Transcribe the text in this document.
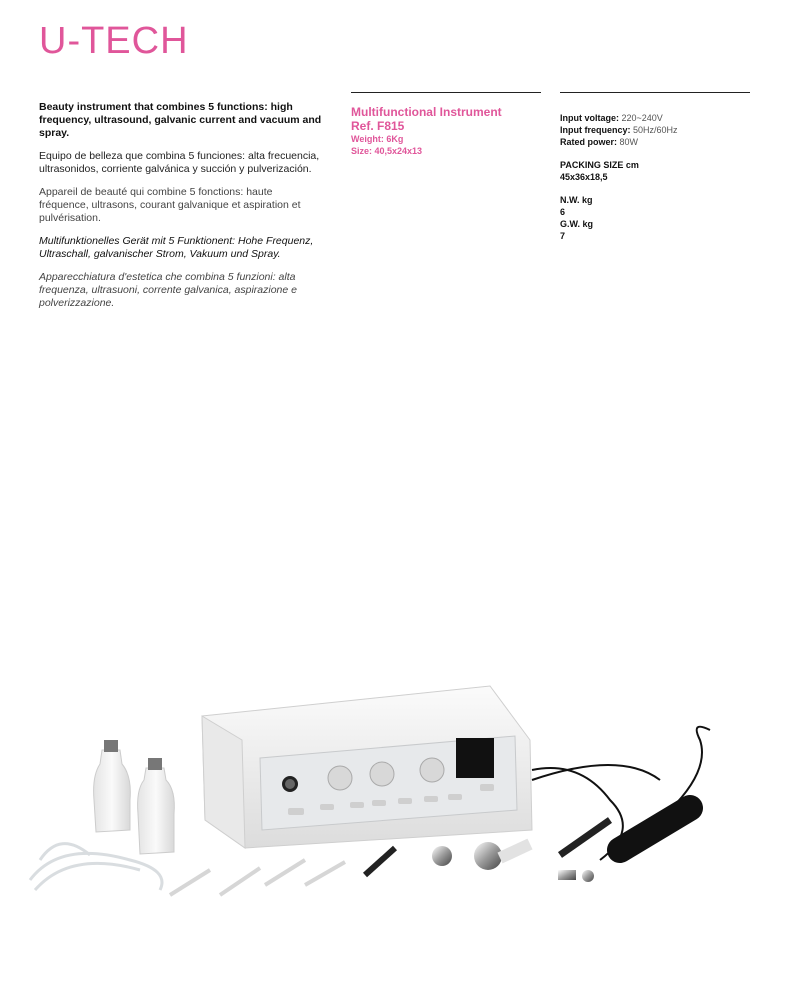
U-TECH

Beauty instrument that combines 5 functions: high frequency, ultrasound, galvanic current and vacuum and spray.

Equipo de belleza que combina 5 funciones: alta frecuencia, ultrasonidos, corriente galvánica y succión y pulverización.

Appareil de beauté qui combine 5 fonctions: haute fréquence, ultrasons, courant galvanique et aspiration et pulvérisation.

Multifunktionelles Gerät mit 5 Funktionent: Hohe Frequenz, Ultraschall, galvanischer Strom, Vakuum und Spray.

Apparecchiatura d'estetica che combina 5 funzioni: alta frequenza, ultrasuoni, corrente galvanica, aspirazione e polverizzazione.

Multifunctional Instrument
Ref. F815
Weight: 6Kg
Size: 40,5x24x13
Input voltage: 220~240V
Input frequency: 50Hz/60Hz
Rated power: 80W
PACKING SIZE cm
45x36x18,5
N.W. kg
6
G.W. kg
7
